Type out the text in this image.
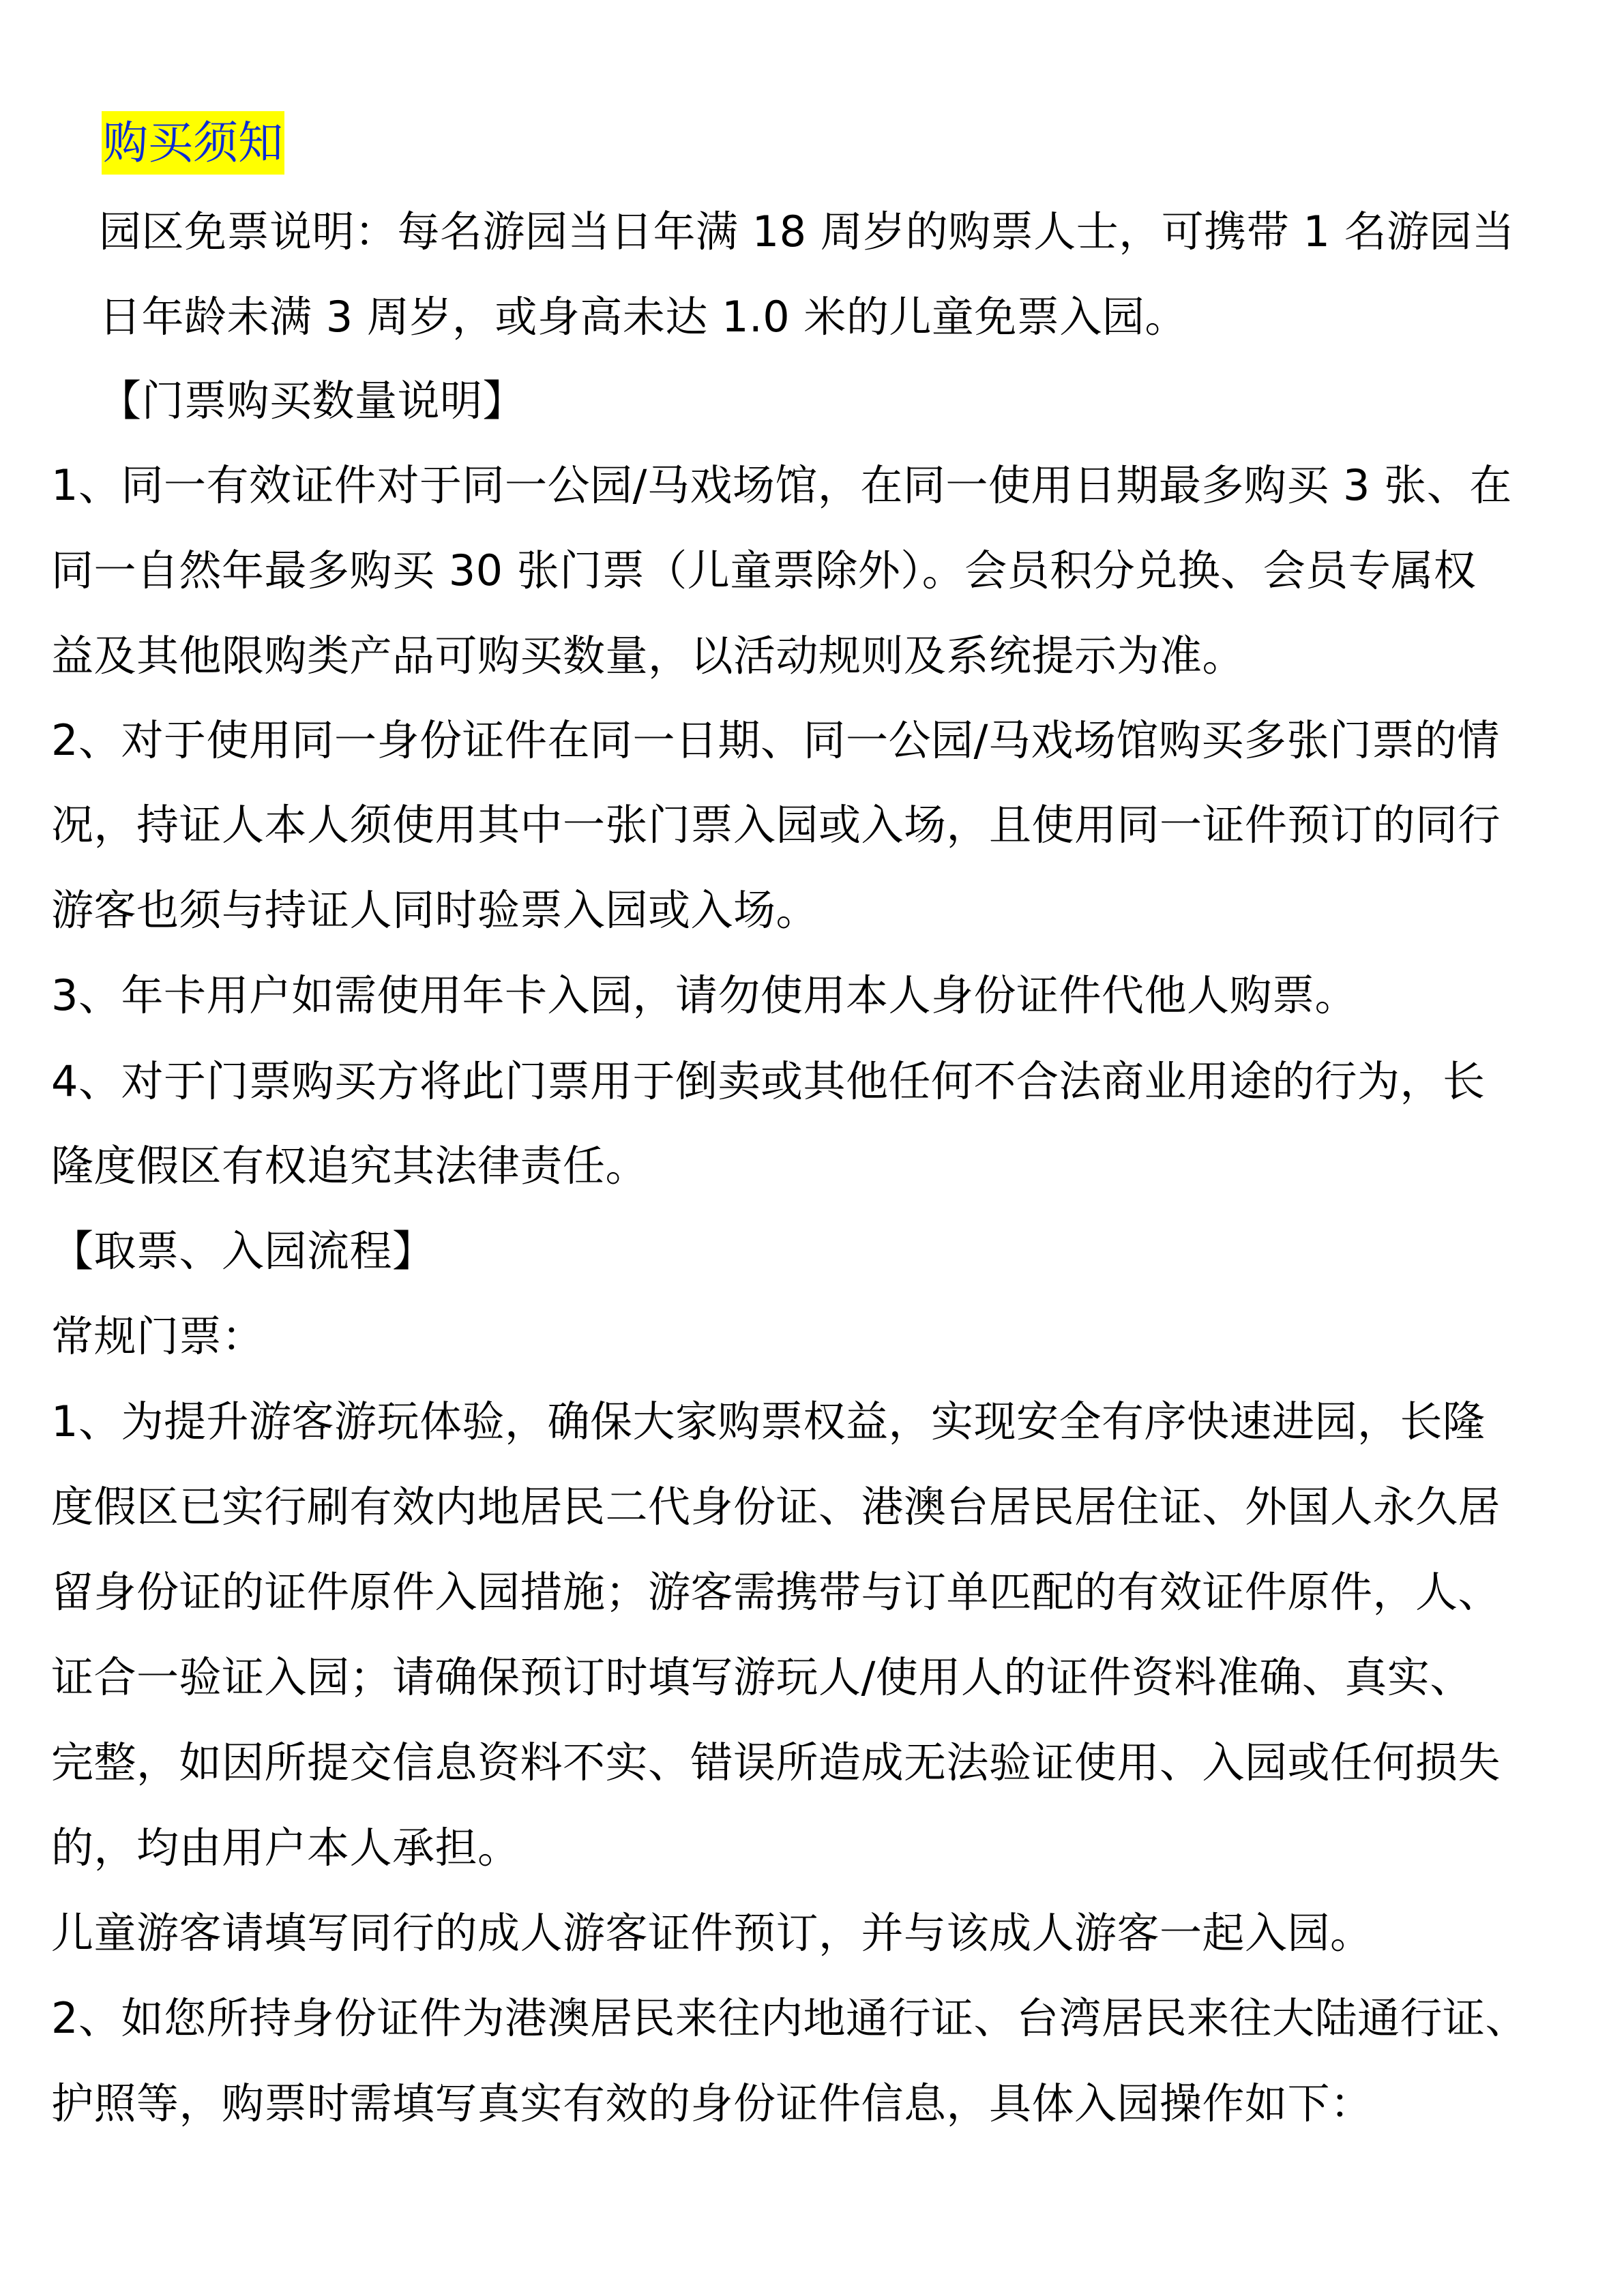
购买须知
园区免票说明：每名游园当日年满 18 周岁的购票人士，可携带 1 名游园当
日年龄未满 3 周岁，或身高未达 1.0 米的儿童免票入园。
【门票购买数量说明】
1、同一有效证件对于同一公园/马戏场馆，在同一使用日期最多购买 3 张、在
同一自然年最多购买 30 张门票（儿童票除外）。会员积分兑换、会员专属权
益及其他限购类产品可购买数量，以活动规则及系统提示为准。
2、对于使用同一身份证件在同一日期、同一公园/马戏场馆购买多张门票的情
况，持证人本人须使用其中一张门票入园或入场，且使用同一证件预订的同行
游客也须与持证人同时验票入园或入场。
3、年卡用户如需使用年卡入园，请勿使用本人身份证件代他人购票。
4、对于门票购买方将此门票用于倒卖或其他任何不合法商业用途的行为，长
隆度假区有权追究其法律责任。
【取票、入园流程】
常规门票：
1、为提升游客游玩体验，确保大家购票权益，实现安全有序快速进园，长隆
度假区已实行刷有效内地居民二代身份证、港澳台居民居住证、外国人永久居
留身份证的证件原件入园措施；游客需携带与订单匹配的有效证件原件，人、
证合一验证入园；请确保预订时填写游玩人/使用人的证件资料准确、真实、
完整，如因所提交信息资料不实、错误所造成无法验证使用、入园或任何损失
的，均由用户本人承担。
儿童游客请填写同行的成人游客证件预订，并与该成人游客一起入园。
2、如您所持身份证件为港澳居民来往内地通行证、台湾居民来往大陆通行证、
护照等，购票时需填写真实有效的身份证件信息，具体入园操作如下：
